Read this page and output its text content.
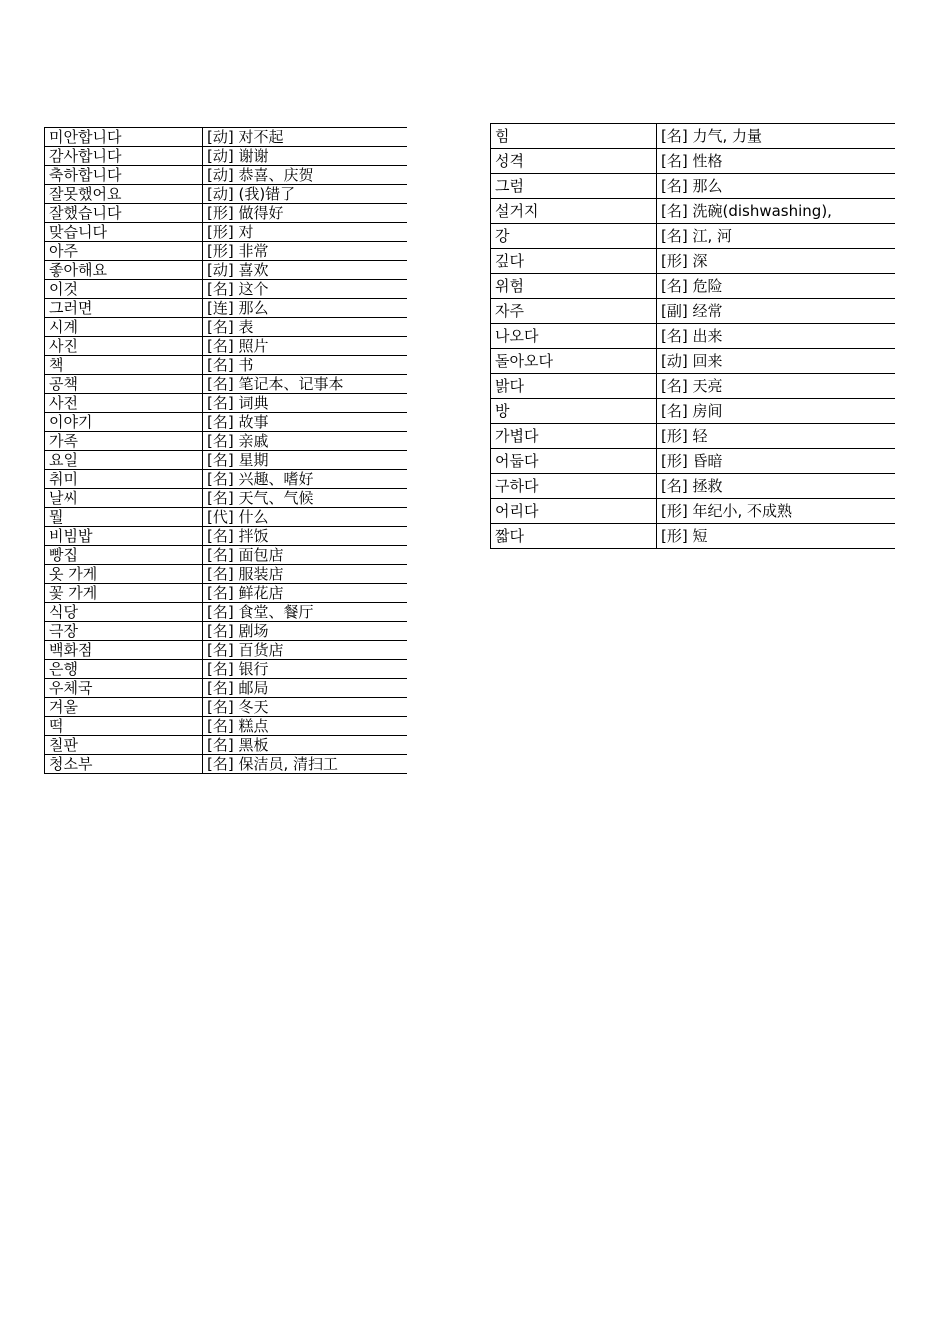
미안합니다	[动] 对不起
감사합니다	[动] 谢谢
축하합니다	[动] 恭喜、庆贺
잘못했어요	[动] (我)错了
잘했습니다	[形] 做得好
맞습니다	[形] 对
아주	[形] 非常
좋아해요	[动] 喜欢
이것	[名] 这个
그러면	[连] 那么
시계	[名] 表
사진	[名] 照片
책	[名] 书
공책	[名] 笔记本、记事本
사전	[名] 词典
이야기	[名] 故事
가족	[名] 亲戚
요일	[名] 星期
취미	[名] 兴趣、嗜好
날씨	[名] 天气、气候
뭘	[代] 什么
비빔밥	[名] 拌饭
빵집	[名] 面包店
옷 가게	[名] 服装店
꽃 가게	[名] 鲜花店
식당	[名] 食堂、餐厅
극장	[名] 剧场
백화점	[名] 百货店
은행	[名] 银行
우체국	[名] 邮局
겨울	[名] 冬天
떡	[名] 糕点
칠판	[名] 黑板
청소부	[名] 保洁员, 清扫工
힘	[名] 力气, 力量
성격	[名] 性格
그럼	[名] 那么
설거지	[名] 洗碗(dishwashing),
강	[名] 江, 河
깊다	[形] 深
위험	[名] 危险
자주	[副] 经常
나오다	[名] 出来
돌아오다	[动] 回来
밝다	[名] 天亮
방	[名] 房间
가볍다	[形] 轻
어둡다	[形] 昏暗
구하다	[名] 拯救
어리다	[形] 年纪小, 不成熟
짧다	[形] 短
